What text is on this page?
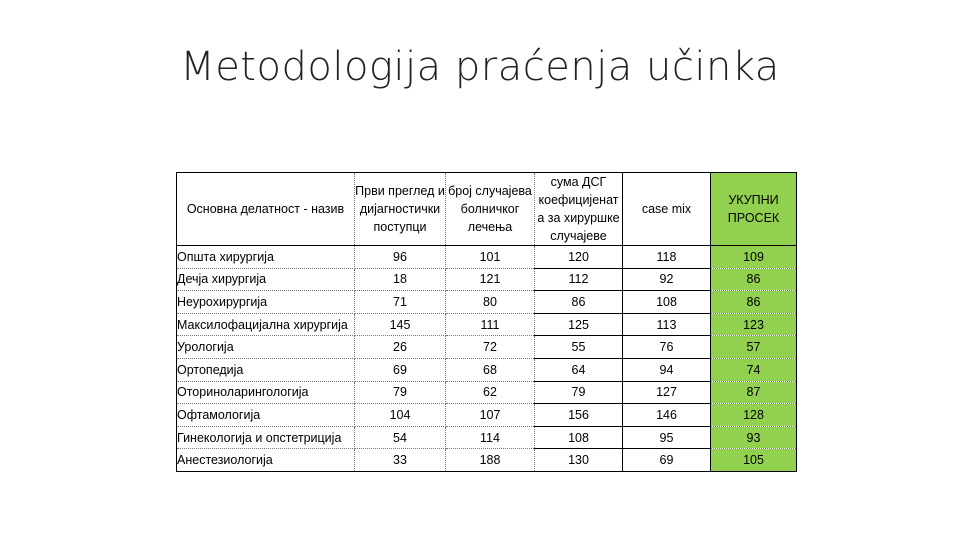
Metodologija praćenja učinka
Основна делатност - назив	Први преглед и дијагностички поступци	број случајева болничког лечења	сума ДСГ коефицијенат а за хируршке случајеве	case mix	УКУПНИ ПРОСЕК
Општа хирургија	96	101	120	118	109
Дечја хирургија	18	121	112	92	86
Неурохирургија	71	80	86	108	86
Максилофацијална хирургија	145	111	125	113	123
Урологија	26	72	55	76	57
Ортопедија	69	68	64	94	74
Оториноларингологија	79	62	79	127	87
Офтамологија	104	107	156	146	128
Гинекологија и опстетриција	54	114	108	95	93
Анестезиологија	33	188	130	69	105
